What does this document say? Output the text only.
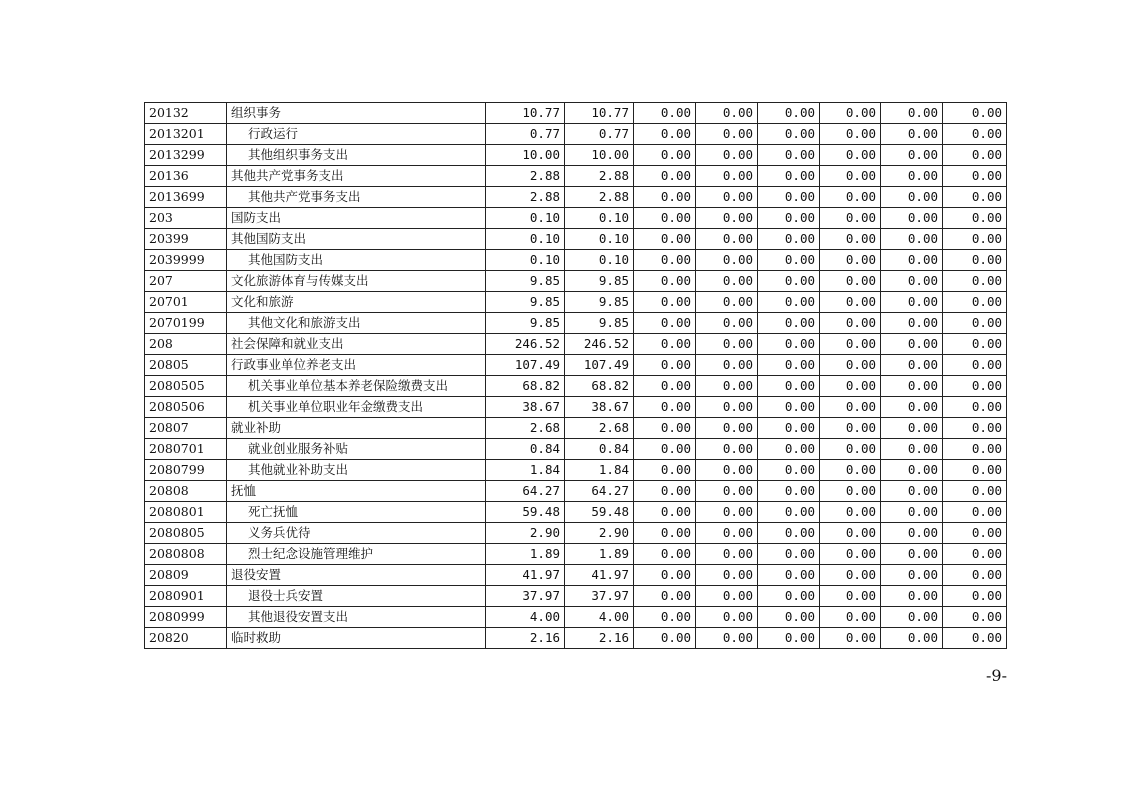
20132	组织事务	10.77	10.77	0.00	0.00	0.00	0.00	0.00	0.00
2013201	行政运行	0.77	0.77	0.00	0.00	0.00	0.00	0.00	0.00
2013299	其他组织事务支出	10.00	10.00	0.00	0.00	0.00	0.00	0.00	0.00
20136	其他共产党事务支出	2.88	2.88	0.00	0.00	0.00	0.00	0.00	0.00
2013699	其他共产党事务支出	2.88	2.88	0.00	0.00	0.00	0.00	0.00	0.00
203	国防支出	0.10	0.10	0.00	0.00	0.00	0.00	0.00	0.00
20399	其他国防支出	0.10	0.10	0.00	0.00	0.00	0.00	0.00	0.00
2039999	其他国防支出	0.10	0.10	0.00	0.00	0.00	0.00	0.00	0.00
207	文化旅游体育与传媒支出	9.85	9.85	0.00	0.00	0.00	0.00	0.00	0.00
20701	文化和旅游	9.85	9.85	0.00	0.00	0.00	0.00	0.00	0.00
2070199	其他文化和旅游支出	9.85	9.85	0.00	0.00	0.00	0.00	0.00	0.00
208	社会保障和就业支出	246.52	246.52	0.00	0.00	0.00	0.00	0.00	0.00
20805	行政事业单位养老支出	107.49	107.49	0.00	0.00	0.00	0.00	0.00	0.00
2080505	机关事业单位基本养老保险缴费支出	68.82	68.82	0.00	0.00	0.00	0.00	0.00	0.00
2080506	机关事业单位职业年金缴费支出	38.67	38.67	0.00	0.00	0.00	0.00	0.00	0.00
20807	就业补助	2.68	2.68	0.00	0.00	0.00	0.00	0.00	0.00
2080701	就业创业服务补贴	0.84	0.84	0.00	0.00	0.00	0.00	0.00	0.00
2080799	其他就业补助支出	1.84	1.84	0.00	0.00	0.00	0.00	0.00	0.00
20808	抚恤	64.27	64.27	0.00	0.00	0.00	0.00	0.00	0.00
2080801	死亡抚恤	59.48	59.48	0.00	0.00	0.00	0.00	0.00	0.00
2080805	义务兵优待	2.90	2.90	0.00	0.00	0.00	0.00	0.00	0.00
2080808	烈士纪念设施管理维护	1.89	1.89	0.00	0.00	0.00	0.00	0.00	0.00
20809	退役安置	41.97	41.97	0.00	0.00	0.00	0.00	0.00	0.00
2080901	退役士兵安置	37.97	37.97	0.00	0.00	0.00	0.00	0.00	0.00
2080999	其他退役安置支出	4.00	4.00	0.00	0.00	0.00	0.00	0.00	0.00
20820	临时救助	2.16	2.16	0.00	0.00	0.00	0.00	0.00	0.00
-9-
